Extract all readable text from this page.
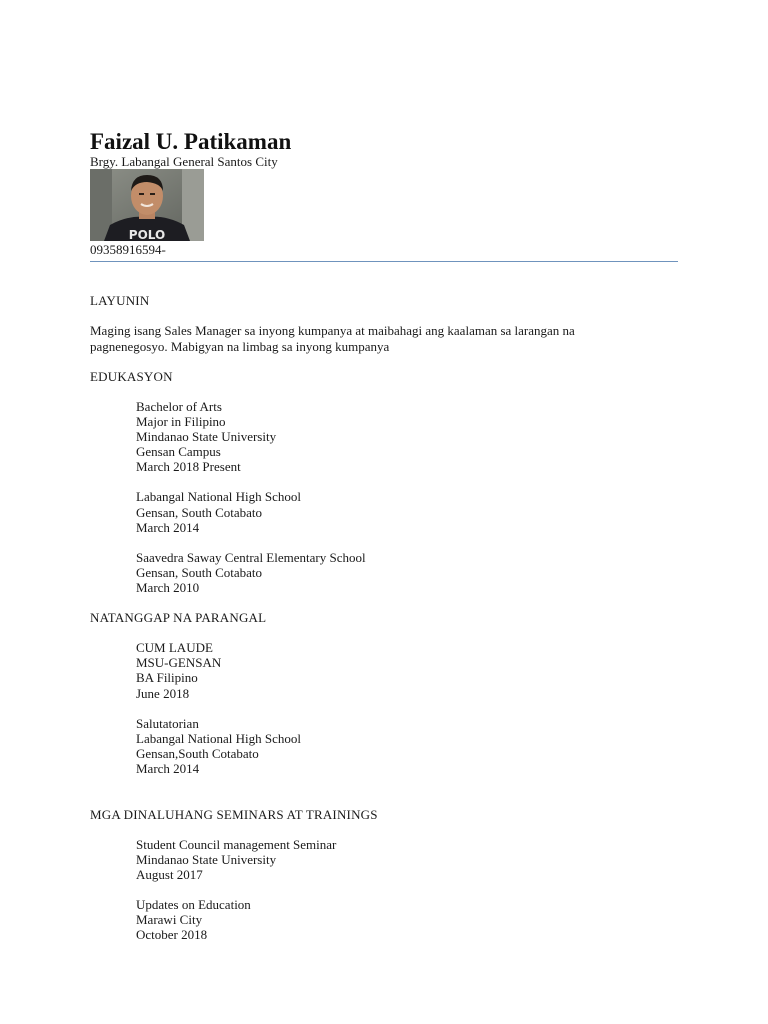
Faizal U. Patikaman
Brgy. Labangal General Santos City
POLO
09358916594-
LAYUNIN
Maging isang Sales Manager sa inyong kumpanya at maibahagi ang kaalaman sa larangan na
pagnenegosyo. Mabigyan na limbag sa inyong kumpanya
EDUKASYON
Bachelor of Arts
Major in Filipino
Mindanao State University
Gensan Campus
March 2018 Present
Labangal National High School
Gensan, South Cotabato
March 2014
Saavedra Saway Central Elementary School
Gensan, South Cotabato
March 2010
NATANGGAP NA PARANGAL
CUM LAUDE
MSU-GENSAN
BA Filipino
June 2018
Salutatorian
Labangal National High School
Gensan,South Cotabato
March 2014
MGA DINALUHANG SEMINARS AT TRAININGS
Student Council management Seminar
Mindanao State University
August 2017
Updates on Education
Marawi City
October 2018
